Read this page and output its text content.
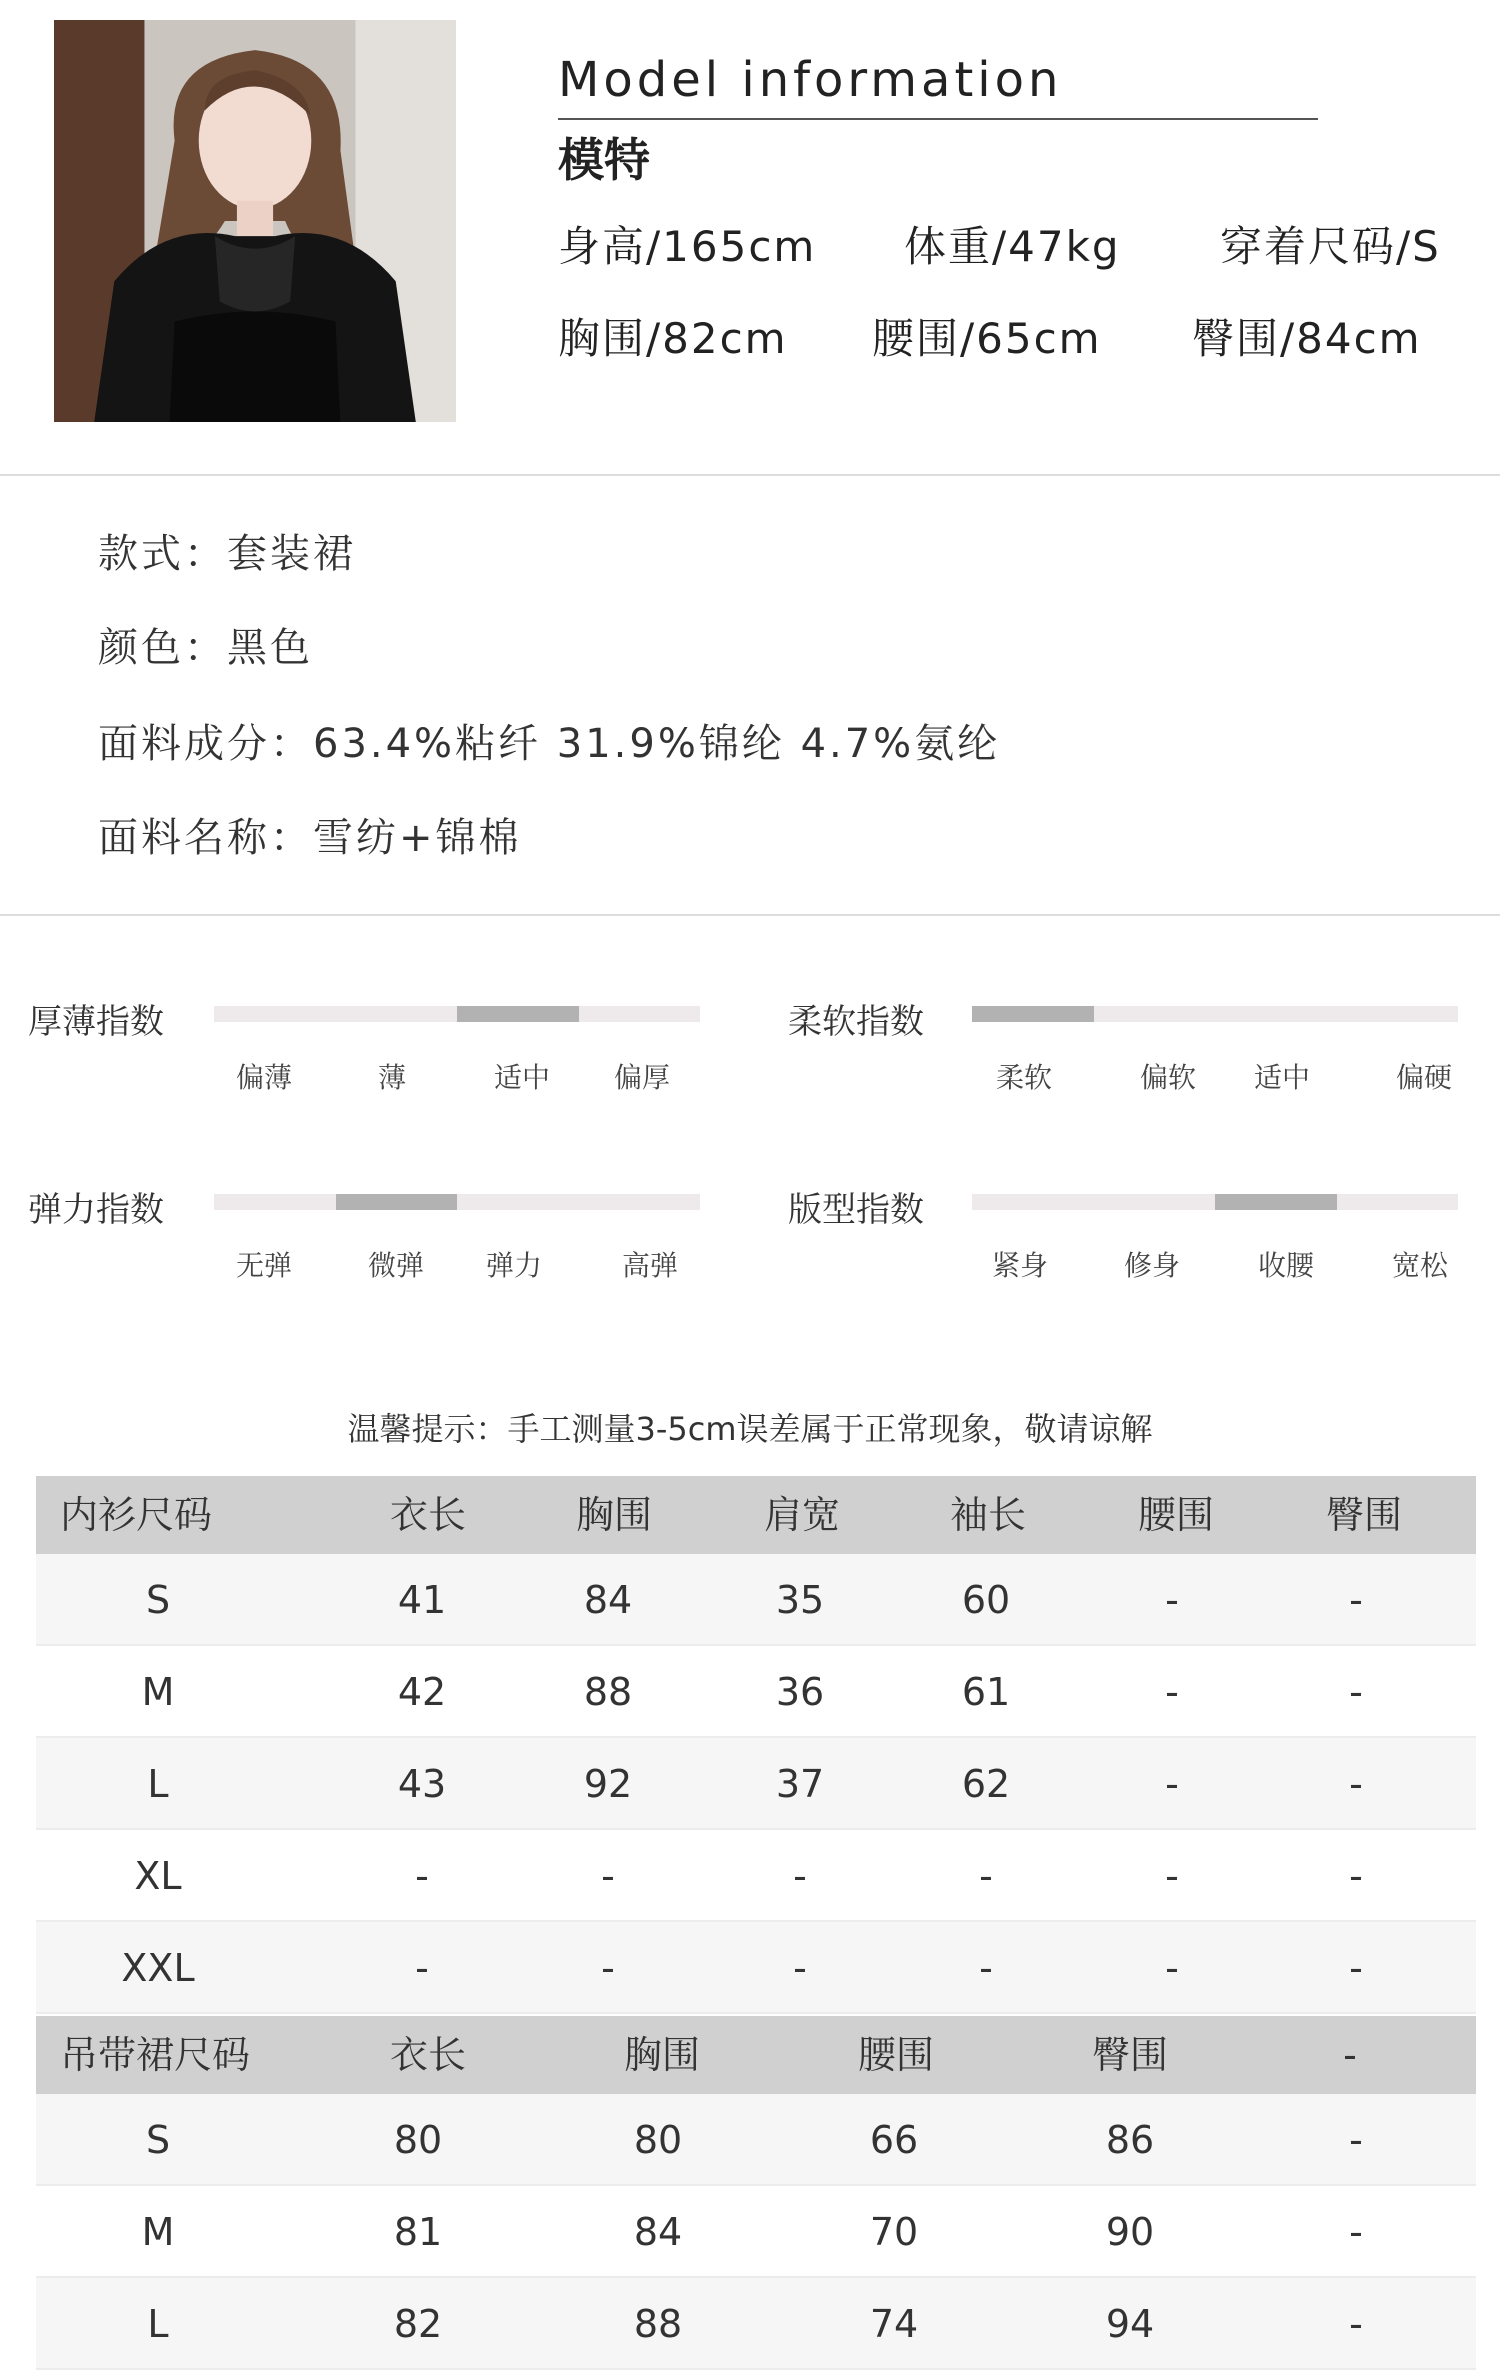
Model information
模特
身高/165cm 体重/47kg 穿着尺码/S
胸围/82cm 腰围/65cm 臀围/84cm
款式：套装裙
颜色：黑色
面料成分：63.4%粘纤 31.9%锦纶 4.7%氨纶
面料名称：雪纺+锦棉
厚薄指数
偏薄	薄	适中 偏厚
柔软指数
柔软	偏软 适中	偏硬
弹力指数
无弹	微弹 弹力	高弹
版型指数
紧身	修身	收腰	宽松
温馨提示：手工测量3-5cm误差属于正常现象，敬请谅解
内衫尺码	衣长	胸围	肩宽	袖长	腰围	臀围
S	41	84	35	60	-	-
M	42	88	36	61	-	-
L	43	92	37	62	-	-
XL	-	-	-	-	-	-
XXL	-	-	-	-	-	-
吊带裙尺码	衣长	胸围	腰围	臀围	-
S	80	80	66	86	-
M	81	84	70	90	-
L	82	88	74	94	-
